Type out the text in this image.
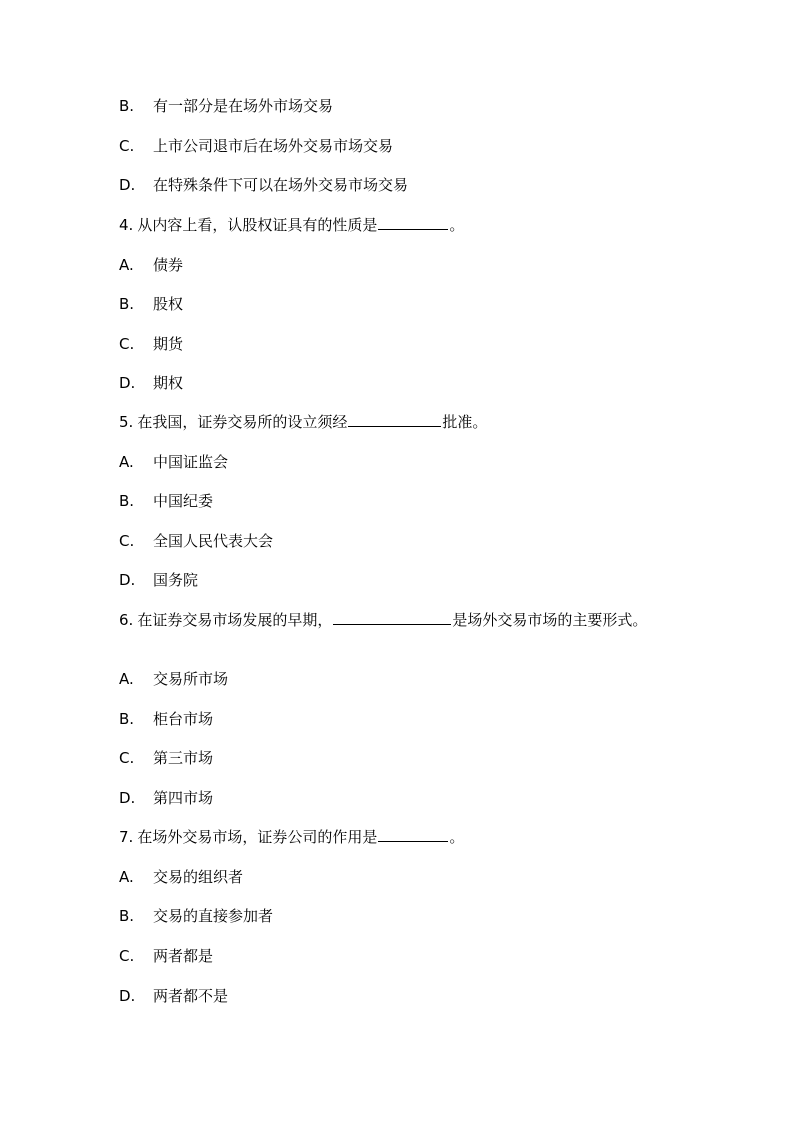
B. 有一部分是在场外市场交易
C. 上市公司退市后在场外交易市场交易
D. 在特殊条件下可以在场外交易市场交易
4. 从内容上看，认股权证具有的性质是	。
A. 债券
B. 股权
C. 期货
D. 期权
5. 在我国，证券交易所的设立须经	批准。
A. 中国证监会
B. 中国纪委
C. 全国人民代表大会
D. 国务院
6. 在证券交易市场发展的早期，	是场外交易市场的主要形式。
A. 交易所市场
B. 柜台市场
C. 第三市场
D. 第四市场
7. 在场外交易市场，证券公司的作用是	。
A. 交易的组织者
B. 交易的直接参加者
C. 两者都是
D. 两者都不是
